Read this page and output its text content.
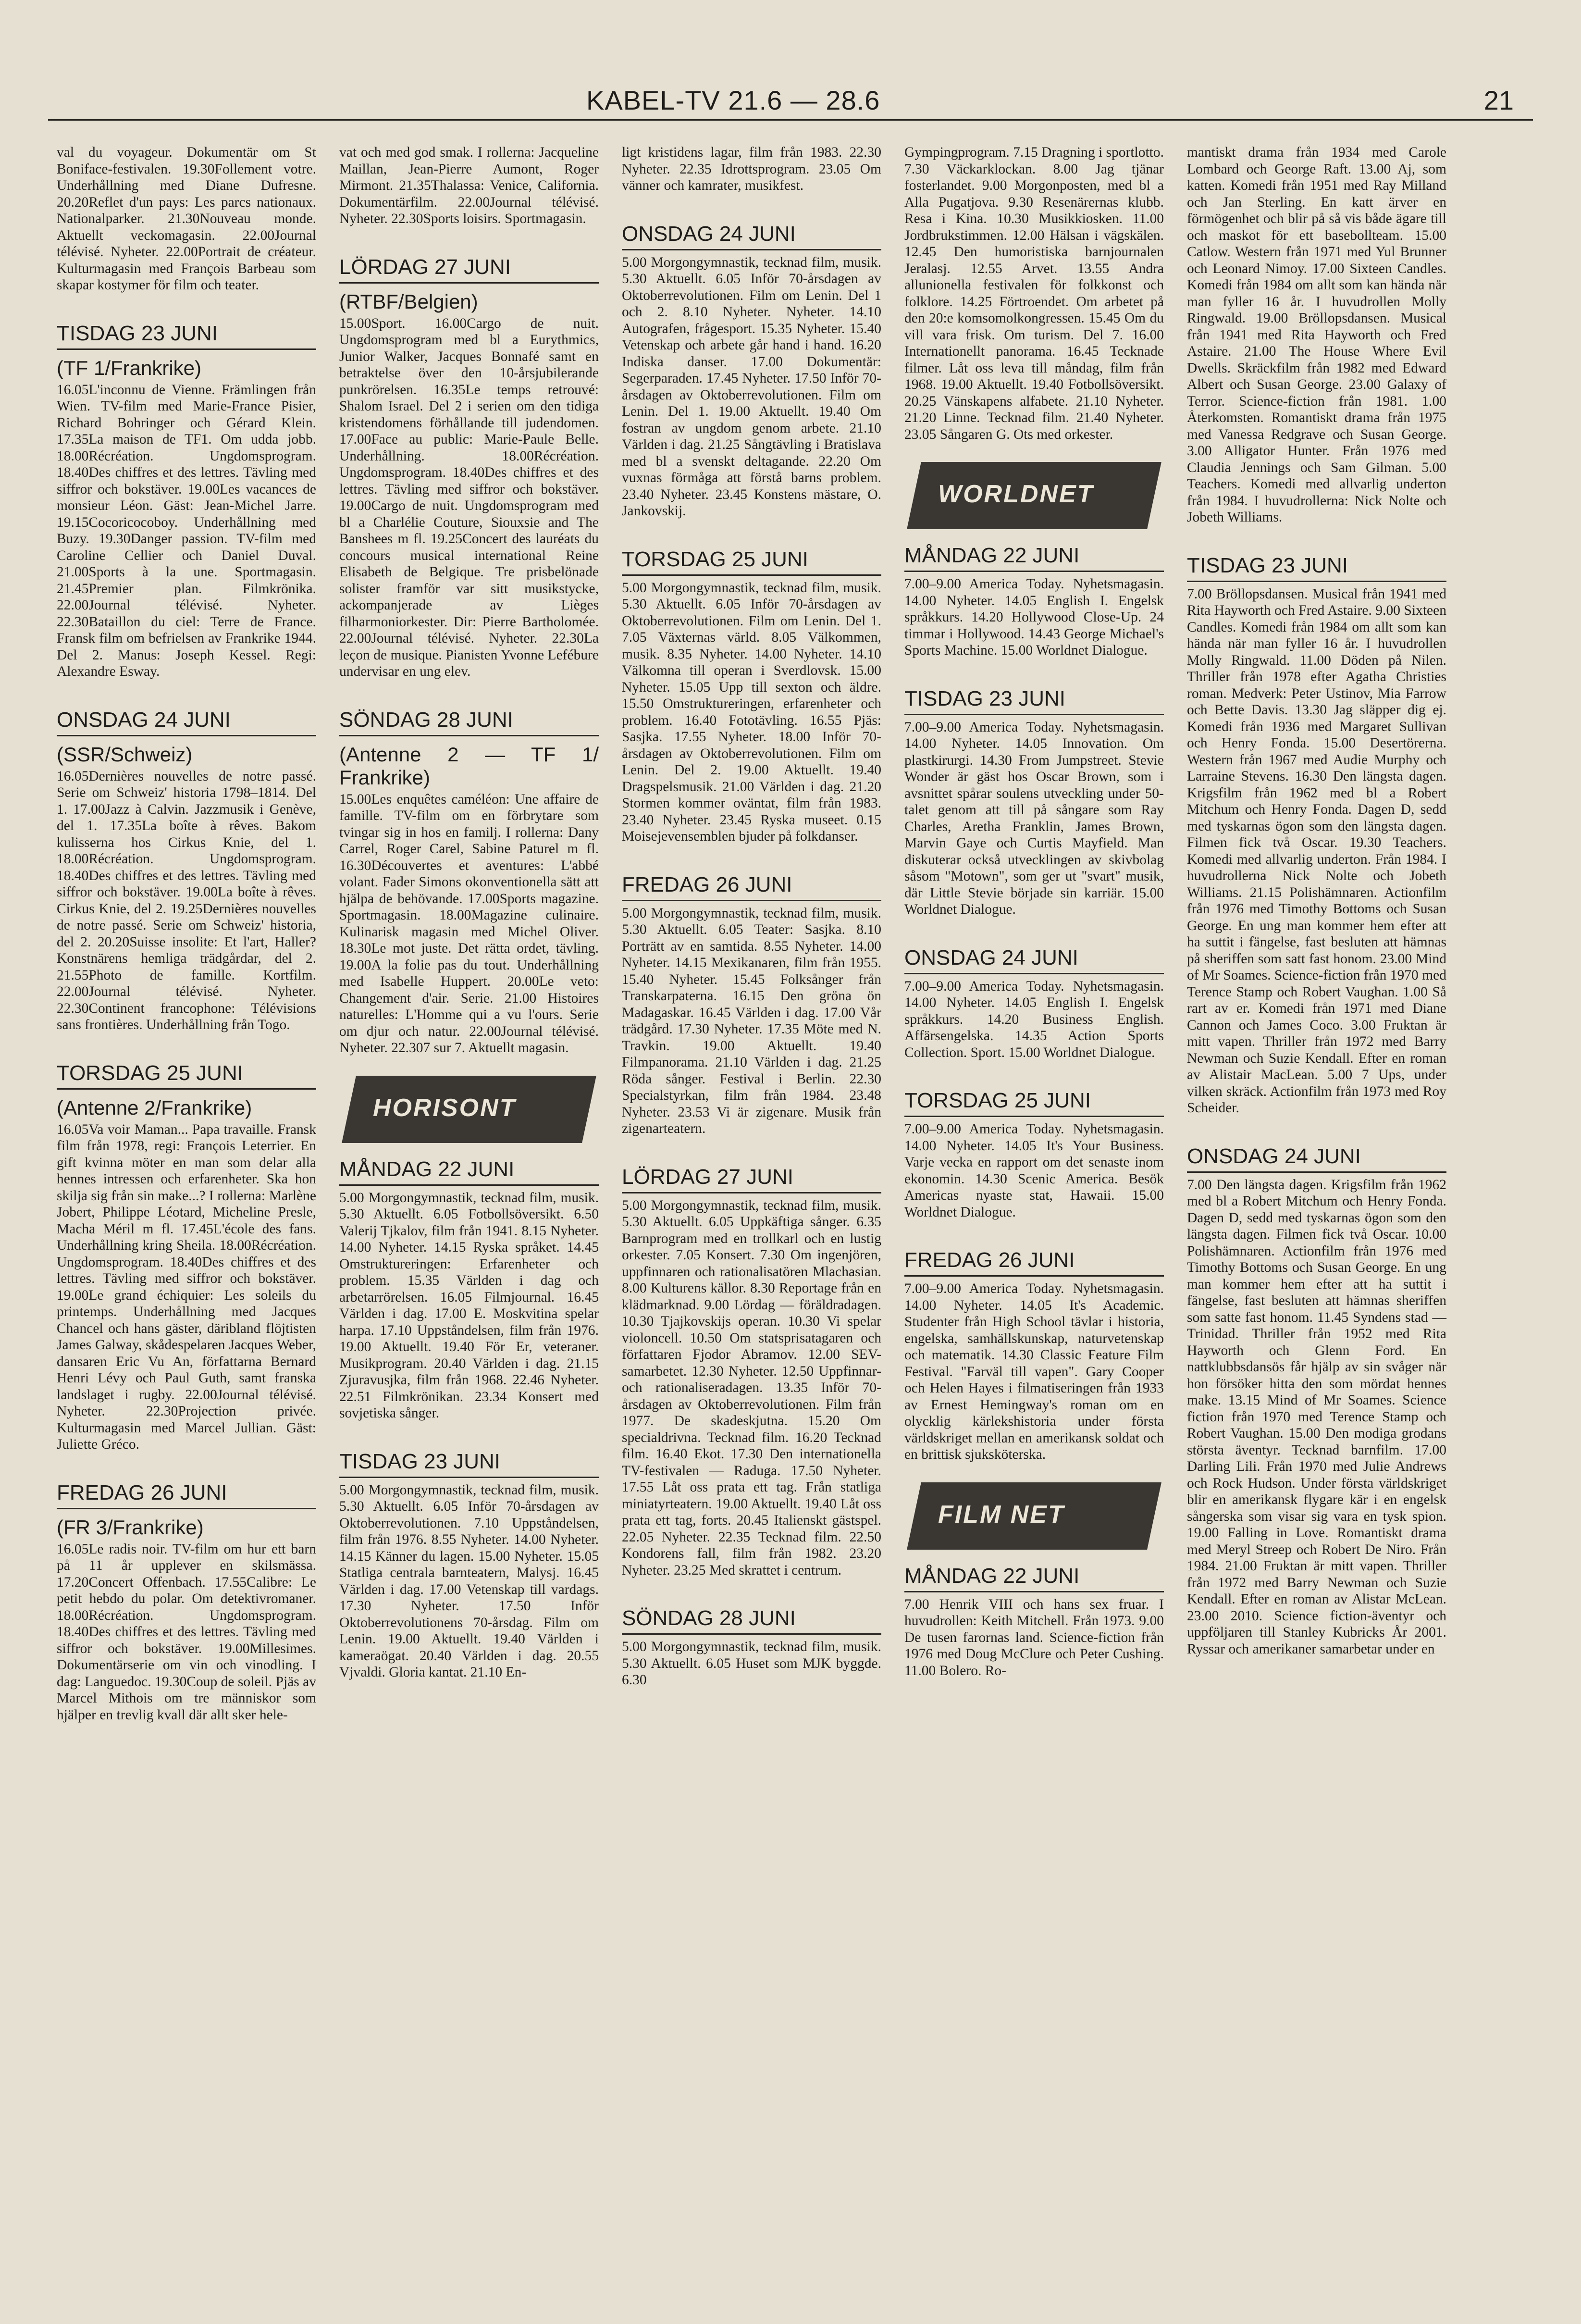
KABEL-TV 21.6 — 28.6	21

val du voyageur. Dokumentär om St Boniface-festivalen. 19.30Follement votre. Underhållning med Diane Dufresne. 20.20Reflet d'un pays: Les parcs nationaux. Nationalparker. 21.30Nouveau monde. Aktuellt veckomagasin. 22.00Journal télévisé. Nyheter. 22.00Portrait de créateur. Kulturmagasin med François Barbeau som skapar kostymer för film och teater.

TISDAG 23 JUNI
(TF 1/Frankrike)

16.05L'inconnu de Vienne. Främlingen från Wien. TV-film med Marie-France Pisier, Richard Bohringer och Gérard Klein. 17.35La maison de TF1. Om udda jobb. 18.00Récréation. Ungdomsprogram. 18.40Des chiffres et des lettres. Tävling med siffror och bokstäver. 19.00Les vacances de monsieur Léon. Gäst: Jean-Michel Jarre. 19.15Cocoricocoboy. Underhållning med Buzy. 19.30Danger passion. TV-film med Caroline Cellier och Daniel Duval. 21.00Sports à la une. Sportmagasin. 21.45Premier plan. Filmkrönika. 22.00Journal télévisé. Nyheter. 22.30Bataillon du ciel: Terre de France. Fransk film om befrielsen av Frankrike 1944. Del 2. Manus: Joseph Kessel. Regi: Alexandre Esway.

ONSDAG 24 JUNI
(SSR/Schweiz)

16.05Dernières nouvelles de notre passé. Serie om Schweiz' historia 1798–1814. Del 1. 17.00Jazz à Calvin. Jazzmusik i Genève, del 1. 17.35La boîte à rêves. Bakom kulisserna hos Cirkus Knie, del 1. 18.00Récréation. Ungdomsprogram. 18.40Des chiffres et des lettres. Tävling med siffror och bokstäver. 19.00La boîte à rêves. Cirkus Knie, del 2. 19.25Dernières nouvelles de notre passé. Serie om Schweiz' historia, del 2. 20.20Suisse insolite: Et l'art, Haller? Konstnärens hemliga trädgårdar, del 2. 21.55Photo de famille. Kortfilm. 22.00Journal télévisé. Nyheter. 22.30Continent francophone: Télévisions sans frontières. Underhållning från Togo.

TORSDAG 25 JUNI
(Antenne 2/Frankrike)

16.05Va voir Maman... Papa travaille. Fransk film från 1978, regi: François Leterrier. En gift kvinna möter en man som delar alla hennes intressen och erfarenheter. Ska hon skilja sig från sin make...? I rollerna: Marlène Jobert, Philippe Léotard, Micheline Presle, Macha Méril m fl. 17.45L'école des fans. Underhållning kring Sheila. 18.00Récréation. Ungdomsprogram. 18.40Des chiffres et des lettres. Tävling med siffror och bokstäver. 19.00Le grand échiquier: Les soleils du printemps. Underhållning med Jacques Chancel och hans gäster, däribland flöjtisten James Galway, skådespelaren Jacques Weber, dansaren Eric Vu An, författarna Bernard Henri Lévy och Paul Guth, samt franska landslaget i rugby. 22.00Journal télévisé. Nyheter. 22.30Projection privée. Kulturmagasin med Marcel Jullian. Gäst: Juliette Gréco.

FREDAG 26 JUNI
(FR 3/Frankrike)

16.05Le radis noir. TV-film om hur ett barn på 11 år upplever en skilsmässa. 17.20Concert Offenbach. 17.55Calibre: Le petit hebdo du polar. Om detektivromaner. 18.00Récréation. Ungdomsprogram. 18.40Des chiffres et des lettres. Tävling med siffror och bokstäver. 19.00Millesimes. Dokumentärserie om vin och vinodling. I dag: Languedoc. 19.30Coup de soleil. Pjäs av Marcel Mithois om tre människor som hjälper en trevlig kvall där allt sker hele-

vat och med god smak. I rollerna: Jacqueline Maillan, Jean-Pierre Aumont, Roger Mirmont. 21.35Thalassa: Venice, California. Dokumentärfilm. 22.00Journal télévisé. Nyheter. 22.30Sports loisirs. Sportmagasin.

LÖRDAG 27 JUNI
(RTBF/Belgien)

15.00Sport. 16.00Cargo de nuit. Ungdomsprogram med bl a Eurythmics, Junior Walker, Jacques Bonnafé samt en betraktelse över den 10-årsjubilerande punkrörelsen. 16.35Le temps retrouvé: Shalom Israel. Del 2 i serien om den tidiga kristendomens förhållande till judendomen. 17.00Face au public: Marie-Paule Belle. Underhållning. 18.00Récréation. Ungdomsprogram. 18.40Des chiffres et des lettres. Tävling med siffror och bokstäver. 19.00Cargo de nuit. Ungdomsprogram med bl a Charlélie Couture, Siouxsie and The Banshees m fl. 19.25Concert des lauréats du concours musical international Reine Elisabeth de Belgique. Tre prisbelönade solister framför var sitt musikstycke, ackompanjerade av Lièges filharmoniorkester. Dir: Pierre Bartholomée. 22.00Journal télévisé. Nyheter. 22.30La leçon de musique. Pianisten Yvonne Lefébure undervisar en ung elev.

SÖNDAG 28 JUNI
(Antenne 2 — TF 1/ Frankrike)

15.00Les enquêtes caméléon: Une affaire de famille. TV-film om en förbrytare som tvingar sig in hos en familj. I rollerna: Dany Carrel, Roger Carel, Sabine Paturel m fl. 16.30Découvertes et aventures: L'abbé volant. Fader Simons okonventionella sätt att hjälpa de behövande. 17.00Sports magazine. Sportmagasin. 18.00Magazine culinaire. Kulinarisk magasin med Michel Oliver. 18.30Le mot juste. Det rätta ordet, tävling. 19.00A la folie pas du tout. Underhållning med Isabelle Huppert. 20.00Le veto: Changement d'air. Serie. 21.00 Histoires naturelles: L'Homme qui a vu l'ours. Serie om djur och natur. 22.00Journal télévisé. Nyheter. 22.307 sur 7. Aktuellt magasin.

HORISONT
MÅNDAG 22 JUNI

5.00 Morgongymnastik, tecknad film, musik. 5.30 Aktuellt. 6.05 Fotbollsöversikt. 6.50 Valerij Tjkalov, film från 1941. 8.15 Nyheter. 14.00 Nyheter. 14.15 Ryska språket. 14.45 Omstruktureringen: Erfarenheter och problem. 15.35 Världen i dag och arbetarrörelsen. 16.05 Filmjournal. 16.45 Världen i dag. 17.00 E. Moskvitina spelar harpa. 17.10 Uppståndelsen, film från 1976. 19.00 Aktuellt. 19.40 För Er, veteraner. Musikprogram. 20.40 Världen i dag. 21.15 Zjuravusjka, film från 1968. 22.46 Nyheter. 22.51 Filmkrönikan. 23.34 Konsert med sovjetiska sånger.

TISDAG 23 JUNI

5.00 Morgongymnastik, tecknad film, musik. 5.30 Aktuellt. 6.05 Inför 70-årsdagen av Oktoberrevolutionen. 7.10 Uppståndelsen, film från 1976. 8.55 Nyheter. 14.00 Nyheter. 14.15 Känner du lagen. 15.00 Nyheter. 15.05 Statliga centrala barnteatern, Malysj. 16.45 Världen i dag. 17.00 Vetenskap till vardags. 17.30 Nyheter. 17.50 Inför Oktoberrevolutionens 70-årsdag. Film om Lenin. 19.00 Aktuellt. 19.40 Världen i kameraögat. 20.40 Världen i dag. 20.55 Vjvaldi. Gloria kantat. 21.10 En-

ligt kristidens lagar, film från 1983. 22.30 Nyheter. 22.35 Idrottsprogram. 23.05 Om vänner och kamrater, musikfest.

ONSDAG 24 JUNI

5.00 Morgongymnastik, tecknad film, musik. 5.30 Aktuellt. 6.05 Inför 70-årsdagen av Oktoberrevolutionen. Film om Lenin. Del 1 och 2. 8.10 Nyheter. Nyheter. 14.10 Autografen, frågesport. 15.35 Nyheter. 15.40 Vetenskap och arbete går hand i hand. 16.20 Indiska danser. 17.00 Dokumentär: Segerparaden. 17.45 Nyheter. 17.50 Inför 70-årsdagen av Oktoberrevolutionen. Film om Lenin. Del 1. 19.00 Aktuellt. 19.40 Om fostran av ungdom genom arbete. 21.10 Världen i dag. 21.25 Sångtävling i Bratislava med bl a svenskt deltagande. 22.20 Om vuxnas förmåga att förstå barns problem. 23.40 Nyheter. 23.45 Konstens mästare, O. Jankovskij.

TORSDAG 25 JUNI

5.00 Morgongymnastik, tecknad film, musik. 5.30 Aktuellt. 6.05 Inför 70-årsdagen av Oktoberrevolutionen. Film om Lenin. Del 1. 7.05 Växternas värld. 8.05 Välkommen, musik. 8.35 Nyheter. 14.00 Nyheter. 14.10 Välkomna till operan i Sverdlovsk. 15.00 Nyheter. 15.05 Upp till sexton och äldre. 15.50 Omstruktureringen, erfarenheter och problem. 16.40 Fototävling. 16.55 Pjäs: Sasjka. 17.55 Nyheter. 18.00 Inför 70-årsdagen av Oktoberrevolutionen. Film om Lenin. Del 2. 19.00 Aktuellt. 19.40 Dragspelsmusik. 21.00 Världen i dag. 21.20 Stormen kommer oväntat, film från 1983. 23.40 Nyheter. 23.45 Ryska museet. 0.15 Moisejevensemblen bjuder på folkdanser.

FREDAG 26 JUNI

5.00 Morgongymnastik, tecknad film, musik. 5.30 Aktuellt. 6.05 Teater: Sasjka. 8.10 Porträtt av en samtida. 8.55 Nyheter. 14.00 Nyheter. 14.15 Mexikanaren, film från 1955. 15.40 Nyheter. 15.45 Folksånger från Transkarpaternа. 16.15 Den gröna ön Madagaskar. 16.45 Världen i dag. 17.00 Vår trädgård. 17.30 Nyheter. 17.35 Möte med N. Travkin. 19.00 Aktuellt. 19.40 Filmpanorama. 21.10 Världen i dag. 21.25 Röda sånger. Festival i Berlin. 22.30 Specialstyrkan, film från 1984. 23.48 Nyheter. 23.53 Vi är zigenare. Musik från zigenarteatern.

LÖRDAG 27 JUNI

5.00 Morgongymnastik, tecknad film, musik. 5.30 Aktuellt. 6.05 Uppkäftiga sånger. 6.35 Barnprogram med en trollkarl och en lustig orkester. 7.05 Konsert. 7.30 Om ingenjören, uppfinnaren och rationalisatören Mlachasian. 8.00 Kulturens källor. 8.30 Reportage från en klädmarknad. 9.00 Lördag — föräldradagen. 10.30 Tjajkovskijs operan. 10.30 Vi spelar violoncell. 10.50 Om statsprisatagaren och författaren Fjodor Abramov. 12.00 SEV-samarbetet. 12.30 Nyheter. 12.50 Uppfinnar- och rationaliseradagen. 13.35 Inför 70-årsdagen av Oktoberrevolutionen. Film från 1977. De skadeskjutna. 15.20 Om specialdrivna. Tecknad film. 16.20 Tecknad film. 16.40 Ekot. 17.30 Den internationella TV-festivalen — Raduga. 17.50 Nyheter. 17.55 Låt oss prata ett tag. Från statliga miniatyrteatern. 19.00 Aktuellt. 19.40 Låt oss prata ett tag, forts. 20.45 Italienskt gästspel. 22.05 Nyheter. 22.35 Tecknad film. 22.50 Kondorens fall, film från 1982. 23.20 Nyheter. 23.25 Med skrattet i centrum.

SÖNDAG 28 JUNI

5.00 Morgongymnastik, tecknad film, musik. 5.30 Aktuellt. 6.05 Huset som MJK byggde. 6.30

Gympingprogram. 7.15 Dragning i sportlotto. 7.30 Väckarklockan. 8.00 Jag tjänar fosterlandet. 9.00 Morgonposten, med bl a Alla Pugatjova. 9.30 Resenärernas klubb. Resa i Kina. 10.30 Musikkiosken. 11.00 Jordbrukstimmen. 12.00 Hälsan i vägskälen. 12.45 Den humoristiska barnjournalen Jeralasj. 12.55 Arvet. 13.55 Andra allunionella festivalen för folkkonst och folklore. 14.25 Förtroendet. Om arbetet på den 20:e komsomolkongressen. 15.45 Om du vill vara frisk. Om turism. Del 7. 16.00 Internationellt panorama. 16.45 Tecknade filmer. Låt oss leva till måndag, film från 1968. 19.00 Aktuellt. 19.40 Fotbollsöversikt. 20.25 Vänskapens alfabete. 21.10 Nyheter. 21.20 Linne. Tecknad film. 21.40 Nyheter. 23.05 Sångaren G. Ots med orkester.

WORLDNET
MÅNDAG 22 JUNI

7.00–9.00 America Today. Nyhetsmagasin. 14.00 Nyheter. 14.05 English I. Engelsk språkkurs. 14.20 Hollywood Close-Up. 24 timmar i Hollywood. 14.43 George Michael's Sports Machine. 15.00 Worldnet Dialogue.

TISDAG 23 JUNI

7.00–9.00 America Today. Nyhetsmagasin. 14.00 Nyheter. 14.05 Innovation. Om plastkirurgi. 14.30 From Jumpstreet. Stevie Wonder är gäst hos Oscar Brown, som i avsnittet spårar soulens utveckling under 50-talet genom att till på sångare som Ray Charles, Aretha Franklin, James Brown, Marvin Gaye och Curtis Mayfield. Man diskuterar också utvecklingen av skivbolag såsom "Motown", som ger ut "svart" musik, där Little Stevie började sin karriär. 15.00 Worldnet Dialogue.

ONSDAG 24 JUNI

7.00–9.00 America Today. Nyhetsmagasin. 14.00 Nyheter. 14.05 English I. Engelsk språkkurs. 14.20 Business English. Affärsengelska. 14.35 Action Sports Collection. Sport. 15.00 Worldnet Dialogue.

TORSDAG 25 JUNI

7.00–9.00 America Today. Nyhetsmagasin. 14.00 Nyheter. 14.05 It's Your Business. Varje vecka en rapport om det senaste inom ekonomin. 14.30 Scenic America. Besök Americas nyaste stat, Hawaii. 15.00 Worldnet Dialogue.

FREDAG 26 JUNI

7.00–9.00 America Today. Nyhetsmagasin. 14.00 Nyheter. 14.05 It's Academic. Studenter från High School tävlar i historia, engelska, samhällskunskap, naturvetenskap och matematik. 14.30 Classic Feature Film Festival. "Farväl till vapen". Gary Cooper och Helen Hayes i filmatiseringen från 1933 av Ernest Hemingway's roman om en olycklig kärlekshistoria under första världskriget mellan en amerikansk soldat och en brittisk sjuksköterska.

FILM NET
MÅNDAG 22 JUNI

7.00 Henrik VIII och hans sex fruar. I huvudrollen: Keith Mitchell. Från 1973. 9.00 De tusen farornas land. Science-fiction från 1976 med Doug McClure och Peter Cushing. 11.00 Bolero. Ro-

mantiskt drama från 1934 med Carole Lombard och George Raft. 13.00 Aj, som katten. Komedi från 1951 med Ray Milland och Jan Sterling. En katt ärver en förmögenhet och blir på så vis både ägare till och maskot för ett basebollteam. 15.00 Catlow. Western från 1971 med Yul Brunner och Leonard Nimoy. 17.00 Sixteen Candles. Komedi från 1984 om allt som kan hända när man fyller 16 år. I huvudrollen Molly Ringwald. 19.00 Bröllopsdansen. Musical från 1941 med Rita Hayworth och Fred Astaire. 21.00 The House Where Evil Dwells. Skräckfilm från 1982 med Edward Albert och Susan George. 23.00 Galaxy of Terror. Science-fiction från 1981. 1.00 Återkomsten. Romantiskt drama från 1975 med Vanessa Redgrave och Susan George. 3.00 Alligator Hunter. Från 1976 med Claudia Jennings och Sam Gilman. 5.00 Teachers. Komedi med allvarlig underton från 1984. I huvudrollerna: Nick Nolte och Jobeth Williams.

TISDAG 23 JUNI

7.00 Bröllopsdansen. Musical från 1941 med Rita Hayworth och Fred Astaire. 9.00 Sixteen Candles. Komedi från 1984 om allt som kan hända när man fyller 16 år. I huvudrollen Molly Ringwald. 11.00 Döden på Nilen. Thriller från 1978 efter Agatha Christies roman. Medverk: Peter Ustinov, Mia Farrow och Bette Davis. 13.30 Jag släpper dig ej. Komedi från 1936 med Margaret Sullivan och Henry Fonda. 15.00 Desertörerna. Western från 1967 med Audie Murphy och Larraine Stevens. 16.30 Den längsta dagen. Krigsfilm från 1962 med bl a Robert Mitchum och Henry Fonda. Dagen D, sedd med tyskarnas ögon som den längsta dagen. Filmen fick två Oscar. 19.30 Teachers. Komedi med allvarlig underton. Från 1984. I huvudrollerna Nick Nolte och Jobeth Williams. 21.15 Polishämnaren. Actionfilm från 1976 med Timothy Bottoms och Susan George. En ung man kommer hem efter att ha suttit i fängelse, fast besluten att hämnas på sheriffen som satt fast honom. 23.00 Mind of Mr Soames. Science-fiction från 1970 med Terence Stamp och Robert Vaughan. 1.00 Så rart av er. Komedi från 1971 med Diane Cannon och James Coco. 3.00 Fruktan är mitt vapen. Thriller från 1972 med Barry Newman och Suzie Kendall. Efter en roman av Alistair MacLean. 5.00 7 Ups, under vilken skräck. Actionfilm från 1973 med Roy Scheider.

ONSDAG 24 JUNI

7.00 Den längsta dagen. Krigsfilm från 1962 med bl a Robert Mitchum och Henry Fonda. Dagen D, sedd med tyskarnas ögon som den längsta dagen. Filmen fick två Oscar. 10.00 Polishämnaren. Actionfilm från 1976 med Timothy Bottoms och Susan George. En ung man kommer hem efter att ha suttit i fängelse, fast besluten att hämnas sheriffen som satte fast honom. 11.45 Syndens stad — Trinidad. Thriller från 1952 med Rita Hayworth och Glenn Ford. En nattklubbsdansös får hjälp av sin svåger när hon försöker hitta den som mördat hennes make. 13.15 Mind of Mr Soames. Science fiction från 1970 med Terence Stamp och Robert Vaughan. 15.00 Den modiga grodans största äventyr. Tecknad barnfilm. 17.00 Darling Lili. Från 1970 med Julie Andrews och Rock Hudson. Under första världskriget blir en amerikansk flygare kär i en engelsk sångerska som visar sig vara en tysk spion. 19.00 Falling in Love. Romantiskt drama med Meryl Streep och Robert De Niro. Från 1984. 21.00 Fruktan är mitt vapen. Thriller från 1972 med Barry Newman och Suzie Kendall. Efter en roman av Alistar McLean. 23.00 2010. Science fiction-äventyr och uppföljaren till Stanley Kubricks År 2001. Ryssar och amerikaner samarbetar under en
